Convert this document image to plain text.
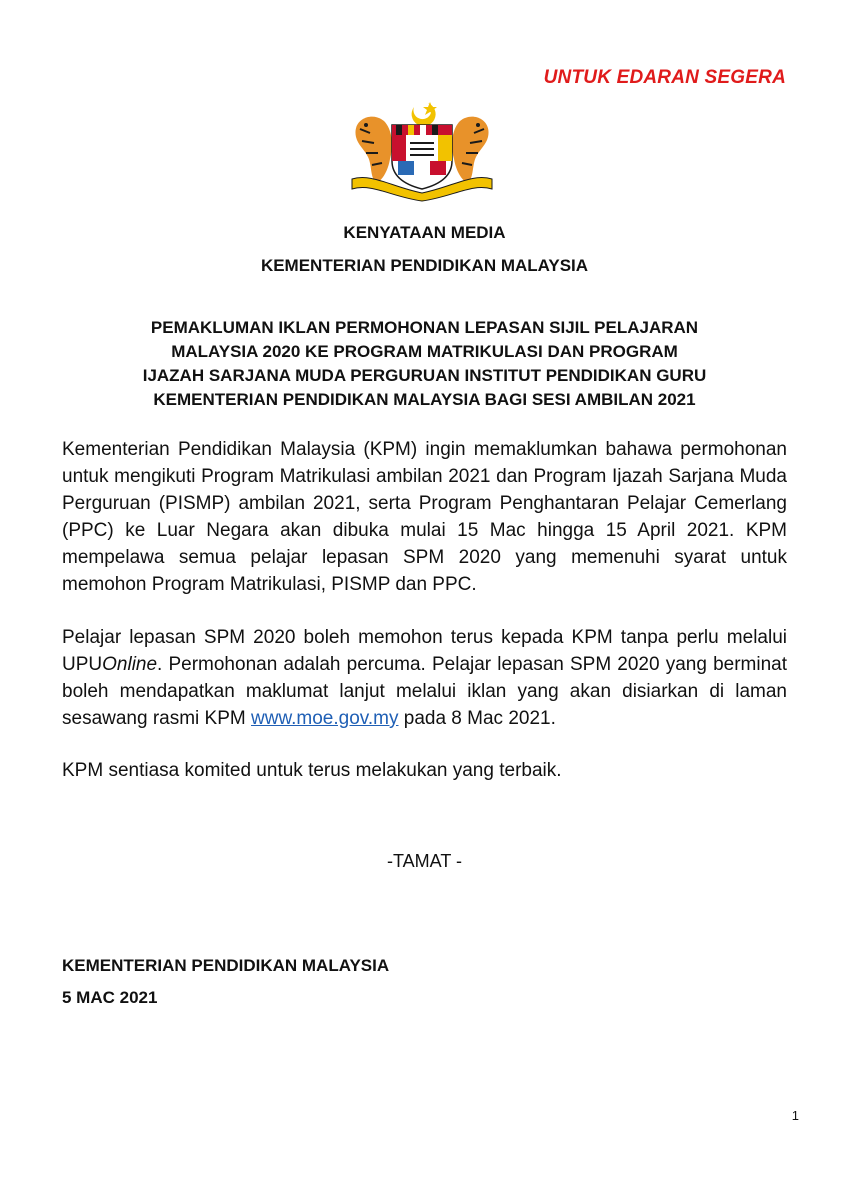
UNTUK EDARAN SEGERA
KENYATAAN MEDIA
KEMENTERIAN PENDIDIKAN MALAYSIA
PEMAKLUMAN IKLAN PERMOHONAN LEPASAN SIJIL PELAJARAN
MALAYSIA 2020 KE PROGRAM MATRIKULASI DAN PROGRAM
IJAZAH SARJANA MUDA PERGURUAN INSTITUT PENDIDIKAN GURU
KEMENTERIAN PENDIDIKAN MALAYSIA BAGI SESI AMBILAN 2021
Kementerian Pendidikan Malaysia (KPM) ingin memaklumkan bahawa permohonan untuk mengikuti Program Matrikulasi ambilan 2021 dan Program Ijazah Sarjana Muda Perguruan (PISMP) ambilan 2021, serta Program Penghantaran Pelajar Cemerlang (PPC) ke Luar Negara akan dibuka mulai 15 Mac hingga 15 April 2021. KPM mempelawa semua pelajar lepasan SPM 2020 yang memenuhi syarat untuk memohon Program Matrikulasi, PISMP dan PPC.
Pelajar lepasan SPM 2020 boleh memohon terus kepada KPM tanpa perlu melalui UPUOnline. Permohonan adalah percuma. Pelajar lepasan SPM 2020 yang berminat boleh mendapatkan maklumat lanjut melalui iklan yang akan disiarkan di laman sesawang rasmi KPM www.moe.gov.my pada 8 Mac 2021.
KPM sentiasa komited untuk terus melakukan yang terbaik.
-TAMAT -
KEMENTERIAN PENDIDIKAN MALAYSIA
5 MAC 2021
1
